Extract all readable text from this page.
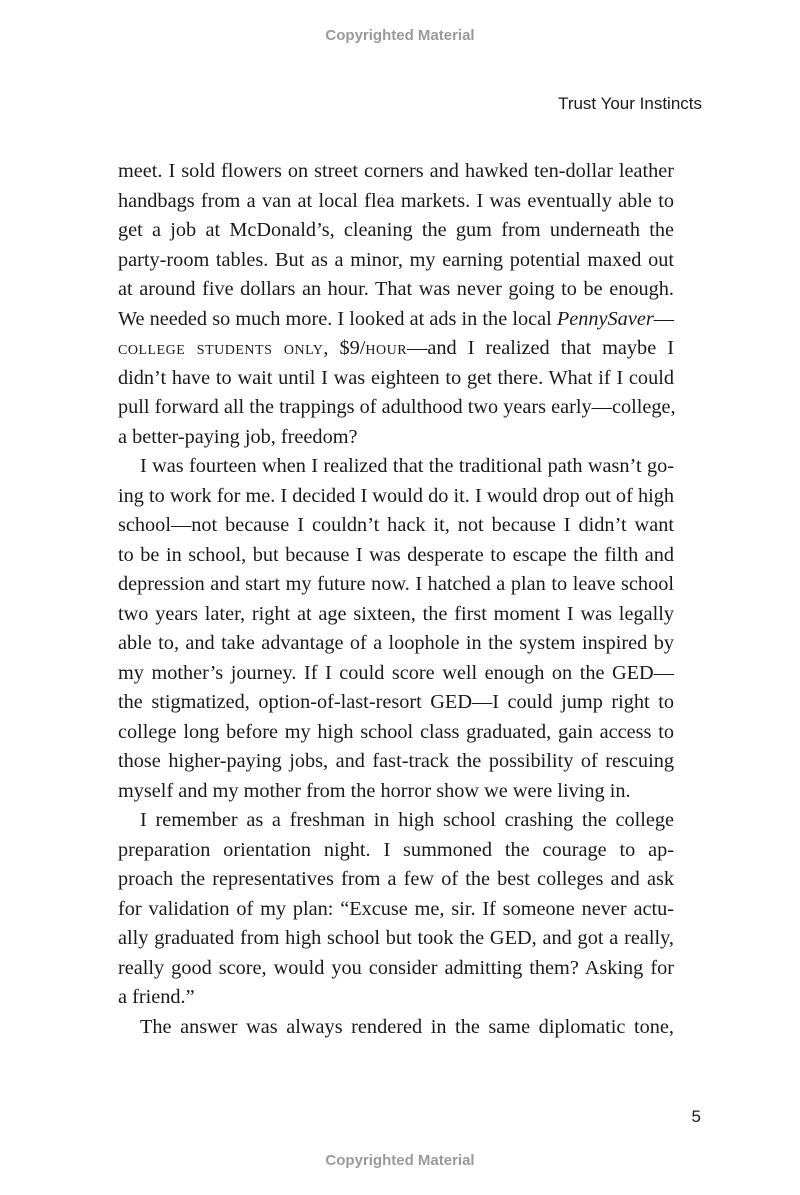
Copyrighted Material
Trust Your Instincts
meet. I sold flowers on street corners and hawked ten-dollar leather
handbags from a van at local flea markets. I was eventually able to
get a job at McDonald’s, cleaning the gum from underneath the
party-room tables. But as a minor, my earning potential maxed out
at around five dollars an hour. That was never going to be enough.
We needed so much more. I looked at ads in the local PennySaver—
college students only, $9/hour—and I realized that maybe I
didn’t have to wait until I was eighteen to get there. What if I could
pull forward all the trappings of adulthood two years early—college,
a better-paying job, freedom?
I was fourteen when I realized that the traditional path wasn’t go-
ing to work for me. I decided I would do it. I would drop out of high
school—not because I couldn’t hack it, not because I didn’t want
to be in school, but because I was desperate to escape the filth and
depression and start my future now. I hatched a plan to leave school
two years later, right at age sixteen, the first moment I was legally
able to, and take advantage of a loophole in the system inspired by
my mother’s journey. If I could score well enough on the GED—
the stigmatized, option-of-last-resort GED—I could jump right to
college long before my high school class graduated, gain access to
those higher-paying jobs, and fast-track the possibility of rescuing
myself and my mother from the horror show we were living in.
I remember as a freshman in high school crashing the college
preparation orientation night. I summoned the courage to ap-
proach the representatives from a few of the best colleges and ask
for validation of my plan: “Excuse me, sir. If someone never actu-
ally graduated from high school but took the GED, and got a really,
really good score, would you consider admitting them? Asking for
a friend.”
The answer was always rendered in the same diplomatic tone,
5
Copyrighted Material
